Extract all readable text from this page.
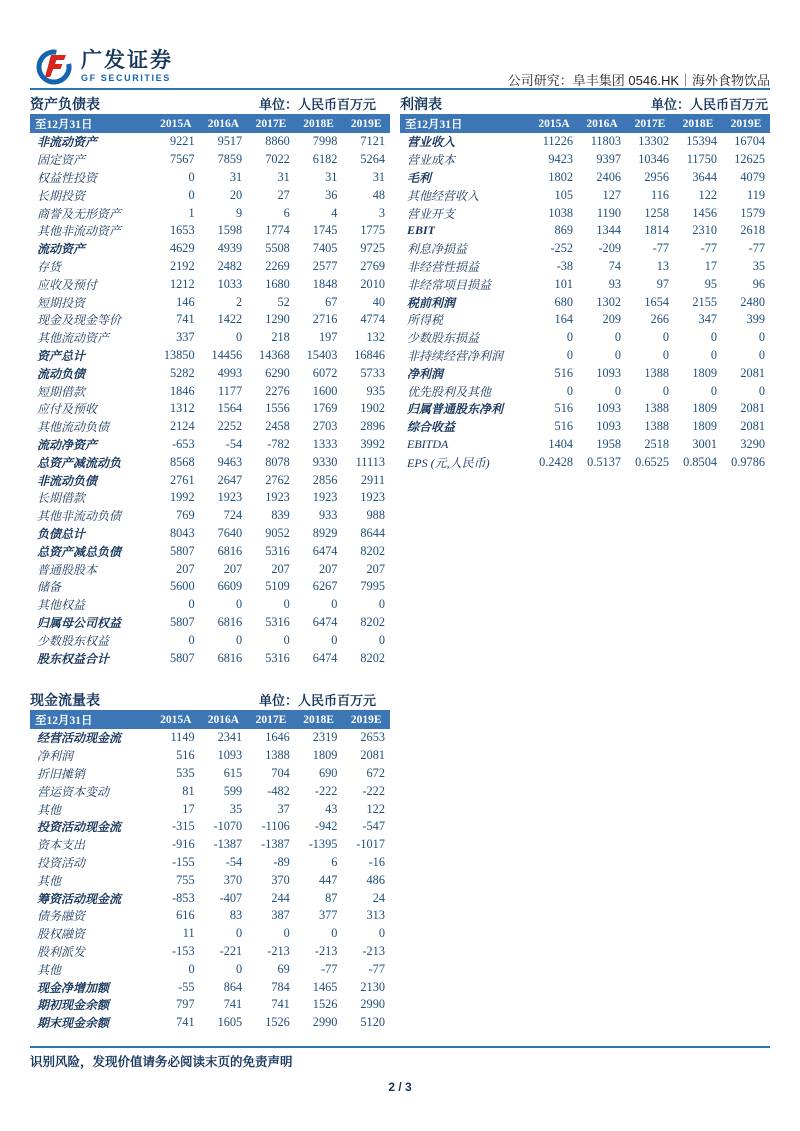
广发证券
GF SECURITIES	公司研究：阜丰集团 0546.HK｜海外食物饮品
资产负债表	单位：人民币百万元
至12月31日	2015A	2016A	2017E	2018E	2019E
非流动资产	9221	9517	8860	7998	7121
固定资产	7567	7859	7022	6182	5264
权益性投资	0	31	31	31	31
长期投资	0	20	27	36	48
商誉及无形资产	1	9	6	4	3
其他非流动资产	1653	1598	1774	1745	1775
流动资产	4629	4939	5508	7405	9725
存货	2192	2482	2269	2577	2769
应收及预付	1212	1033	1680	1848	2010
短期投资	146	2	52	67	40
现金及现金等价	741	1422	1290	2716	4774
其他流动资产	337	0	218	197	132
资产总计	13850	14456	14368	15403	16846
流动负债	5282	4993	6290	6072	5733
短期借款	1846	1177	2276	1600	935
应付及预收	1312	1564	1556	1769	1902
其他流动负债	2124	2252	2458	2703	2896
流动净资产	-653	-54	-782	1333	3992
总资产减流动负	8568	9463	8078	9330	11113
非流动负债	2761	2647	2762	2856	2911
长期借款	1992	1923	1923	1923	1923
其他非流动负债	769	724	839	933	988
负债总计	8043	7640	9052	8929	8644
总资产减总负债	5807	6816	5316	6474	8202
普通股股本	207	207	207	207	207
储备	5600	6609	5109	6267	7995
其他权益	0	0	0	0	0
归属母公司权益	5807	6816	5316	6474	8202
少数股东权益	0	0	0	0	0
股东权益合计	5807	6816	5316	6474	8202
利润表	单位：人民币百万元
至12月31日	2015A	2016A	2017E	2018E	2019E
营业收入	11226	11803	13302	15394	16704
营业成本	9423	9397	10346	11750	12625
毛利	1802	2406	2956	3644	4079
其他经营收入	105	127	116	122	119
营业开支	1038	1190	1258	1456	1579
EBIT	869	1344	1814	2310	2618
利息净损益	-252	-209	-77	-77	-77
非经营性损益	-38	74	13	17	35
非经常项目损益	101	93	97	95	96
税前利润	680	1302	1654	2155	2480
所得税	164	209	266	347	399
少数股东损益	0	0	0	0	0
非持续经营净利润	0	0	0	0	0
净利润	516	1093	1388	1809	2081
优先股利及其他	0	0	0	0	0
归属普通股东净利	516	1093	1388	1809	2081
综合收益	516	1093	1388	1809	2081
EBITDA	1404	1958	2518	3001	3290
EPS (元,人民币)	0.2428	0.5137	0.6525	0.8504	0.9786
现金流量表	单位：人民币百万元
至12月31日	2015A	2016A	2017E	2018E	2019E
经营活动现金流	1149	2341	1646	2319	2653
净利润	516	1093	1388	1809	2081
折旧摊销	535	615	704	690	672
营运资本变动	81	599	-482	-222	-222
其他	17	35	37	43	122
投资活动现金流	-315	-1070	-1106	-942	-547
资本支出	-916	-1387	-1387	-1395	-1017
投资活动	-155	-54	-89	6	-16
其他	755	370	370	447	486
筹资活动现金流	-853	-407	244	87	24
债务融资	616	83	387	377	313
股权融资	11	0	0	0	0
股利派发	-153	-221	-213	-213	-213
其他	0	0	69	-77	-77
现金净增加额	-55	864	784	1465	2130
期初现金余额	797	741	741	1526	2990
期末现金余额	741	1605	1526	2990	5120
识别风险，发现价值请务必阅读末页的免责声明
2 / 3
